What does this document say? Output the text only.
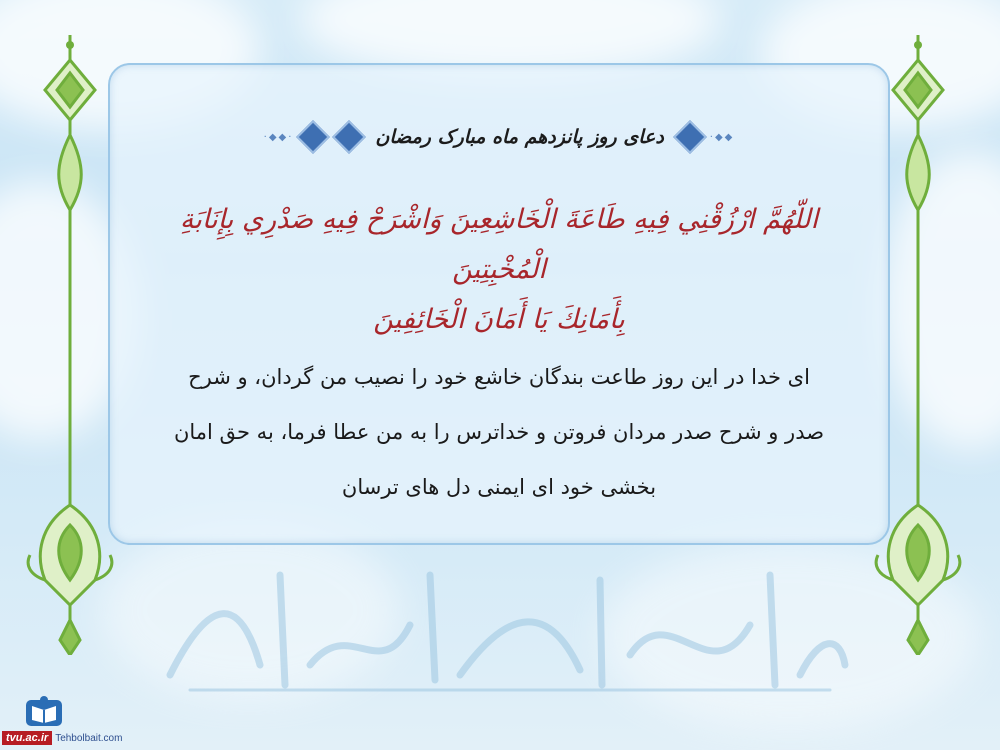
◆◆·
دعای روز پانزدهم ماه مبارک رمضان
·◆◆·
اللّهُمَّ ارْزُقْنِي فِيهِ طَاعَةَ الْخَاشِعِينَ وَاشْرَحْ فِيهِ صَدْرِي بِإِنَابَةِ الْمُخْبِتِينَ
بِأَمَانِكَ يَا أَمَانَ الْخَائِفِينَ
ای خدا در این روز طاعت بندگان خاشع خود را نصیب من گردان، و شرح
صدر و شرح صدر مردان فروتن و خداترس را به من عطا فرما، به حق امان
بخشی خود ای ایمنی دل های ترسان
tvu.ac.ir Tehbolbait.com
